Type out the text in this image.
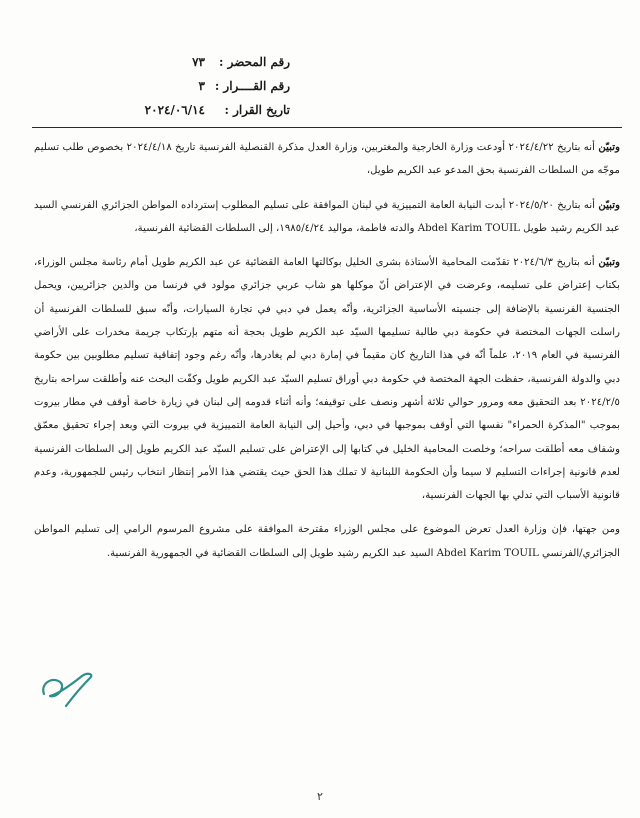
رقم المحضر :
٧٣
رقم القــــرار :
٣
تاريخ القرار :
٢٠٢٤/٠٦/١٤

وتبيّن أنه بتاريخ ٢٠٢٤/٤/٢٢ أودعت وزارة الخارجية والمغتربين، وزارة العدل مذكرة القنصلية الفرنسية تاريخ ٢٠٢٤/٤/١٨ بخصوص طلب تسليم موجّه من السلطات الفرنسية بحق المدعو عبد الكريم طويل،

وتبيّن أنه بتاريخ ٢٠٢٤/٥/٢٠ أبدت النيابة العامة التمييزية في لبنان الموافقة على تسليم المطلوب إسترداده المواطن الجزائري الفرنسي السيد عبد الكريم رشيد طويل Abdel Karim TOUIL والدته فاطمة، مواليد ١٩٨٥/٤/٢٤، إلى السلطات القضائية الفرنسية،

وتبيّن أنه بتاريخ ٢٠٢٤/٦/٣ تقدّمت المحامية الأستاذة بشرى الخليل بوكالتها العامة القضائية عن عبد الكريم طويل أمام رئاسة مجلس الوزراء، بكتاب إعتراض على تسليمه، وعرضت في الإعتراض أنّ موكلها هو شاب عربي جزائري مولود في فرنسا من والدين جزائريين، ويحمل الجنسية الفرنسية بالإضافة إلى جنسيته الأساسية الجزائرية، وأنّه يعمل في دبي في تجارة السيارات، وأنّه سبق للسلطات الفرنسية أن راسلت الجهات المختصة في حكومة دبي طالبة تسليمها السيّد عبد الكريم طويل بحجة أنه متهم بإرتكاب جريمة مخدرات على الأراضي الفرنسية في العام ٢٠١٩، علماً أنّه في هذا التاريخ كان مقيماً في إمارة دبي لم يغادرها، وأنّه رغم وجود إتفاقية تسليم مطلوبين بين حكومة دبي والدولة الفرنسية، حفظت الجهة المختصة في حكومة دبي أوراق تسليم السيّد عبد الكريم طويل وكفّت البحث عنه وأطلقت سراحه بتاريخ ٢٠٢٤/٢/٥ بعد التحقيق معه ومرور حوالي ثلاثة أشهر ونصف على توقيفه؛ وأنه أثناء قدومه إلى لبنان في زيارة خاصة أوقف في مطار بيروت بموجب "المذكرة الحمراء" نفسها التي أوقف بموجبها في دبي، وأحيل إلى النيابة العامة التمييزية في بيروت التي وبعد إجراء تحقيق معمّق وشفاف معه أطلقت سراحه؛ وخلصت المحامية الخليل في كتابها إلى الإعتراض على تسليم السيّد عبد الكريم طويل إلى السلطات الفرنسية لعدم قانونية إجراءات التسليم لا سيما وأن الحكومة اللبنانية لا تملك هذا الحق حيث يقتضي هذا الأمر إنتظار انتخاب رئيس للجمهورية، وعدم قانونية الأسباب التي تدلي بها الجهات الفرنسية،

ومن جهتها، فإن وزارة العدل تعرض الموضوع على مجلس الوزراء مقترحة الموافقة على مشروع المرسوم الرامي إلى تسليم المواطن الجزائري/الفرنسي Abdel Karim TOUIL السيد عبد الكريم رشيد طويل إلى السلطات القضائية في الجمهورية الفرنسية.

٢
